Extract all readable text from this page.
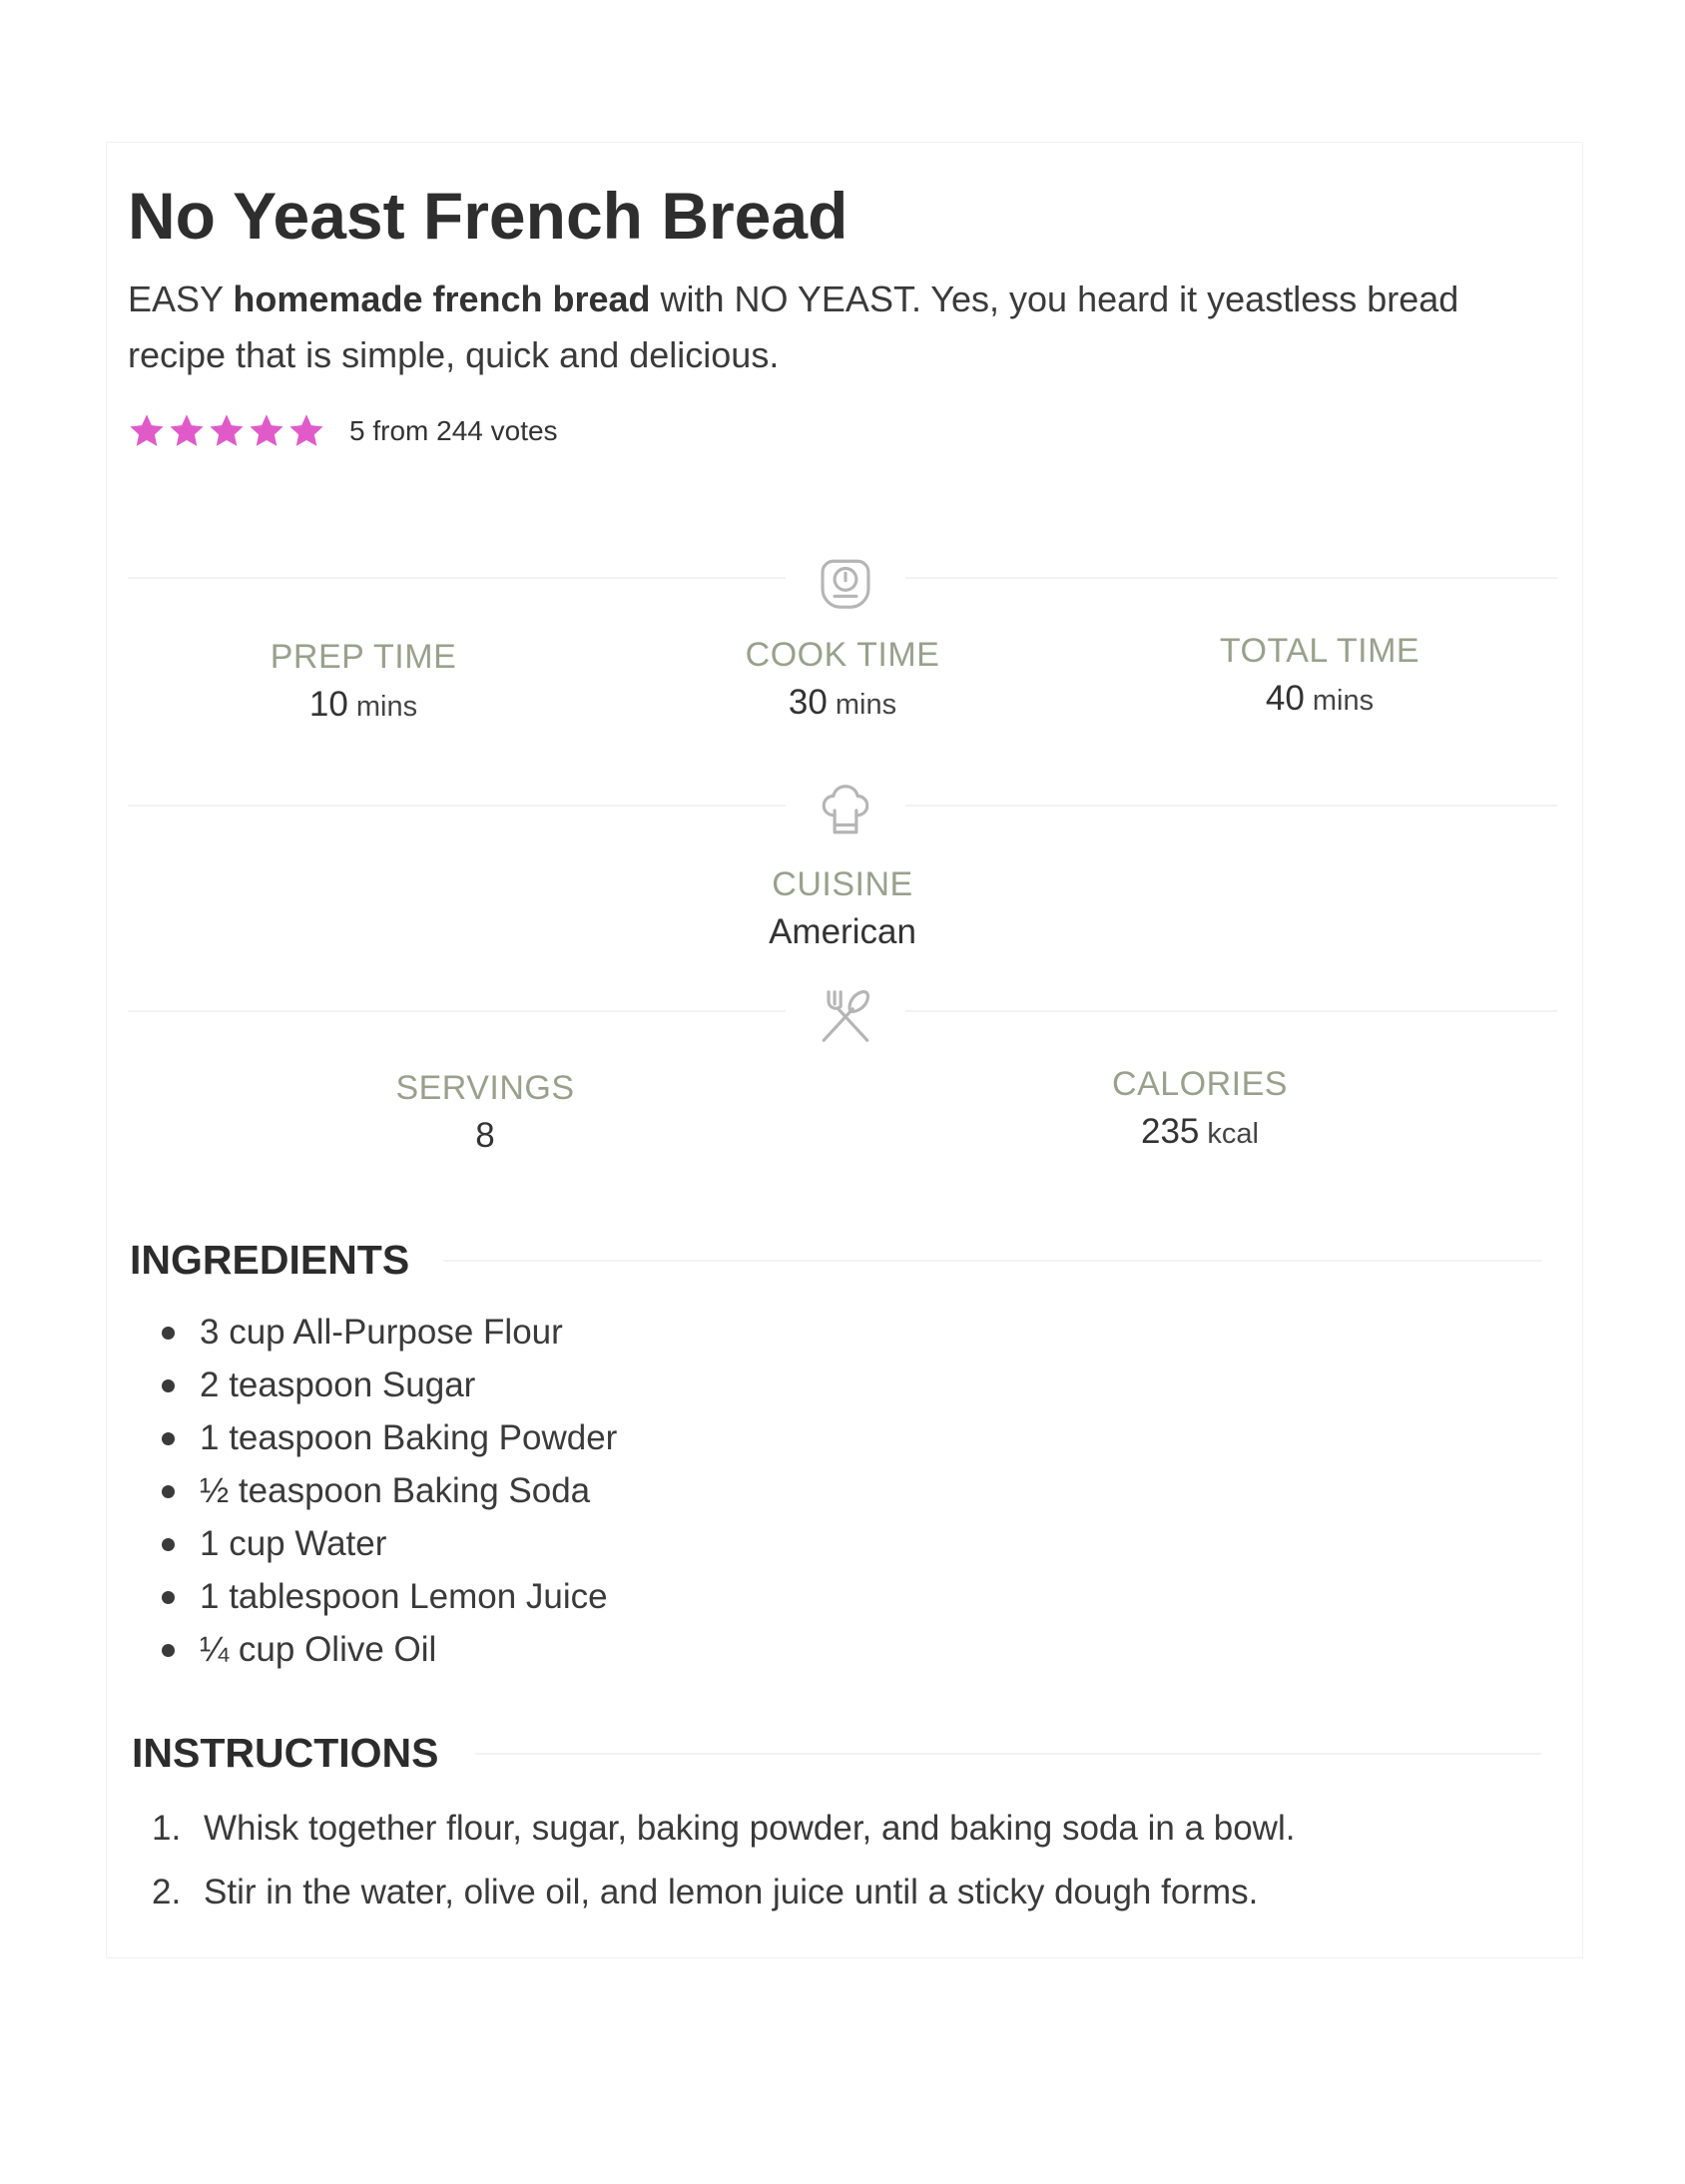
No Yeast French Bread

EASY homemade french bread with NO YEAST. Yes, you heard it yeastless bread recipe that is simple, quick and delicious.

5 from 244 votes
PREP TIME
10 mins
COOK TIME
30 mins
TOTAL TIME
40 mins
CUISINE
American
SERVINGS
8
CALORIES
235 kcal
INGREDIENTS
3 cup All-Purpose Flour
2 teaspoon Sugar
1 teaspoon Baking Powder
½ teaspoon Baking Soda
1 cup Water
1 tablespoon Lemon Juice
¼ cup Olive Oil
INSTRUCTIONS
1. Whisk together flour, sugar, baking powder, and baking soda in a bowl.
2. Stir in the water, olive oil, and lemon juice until a sticky dough forms.
